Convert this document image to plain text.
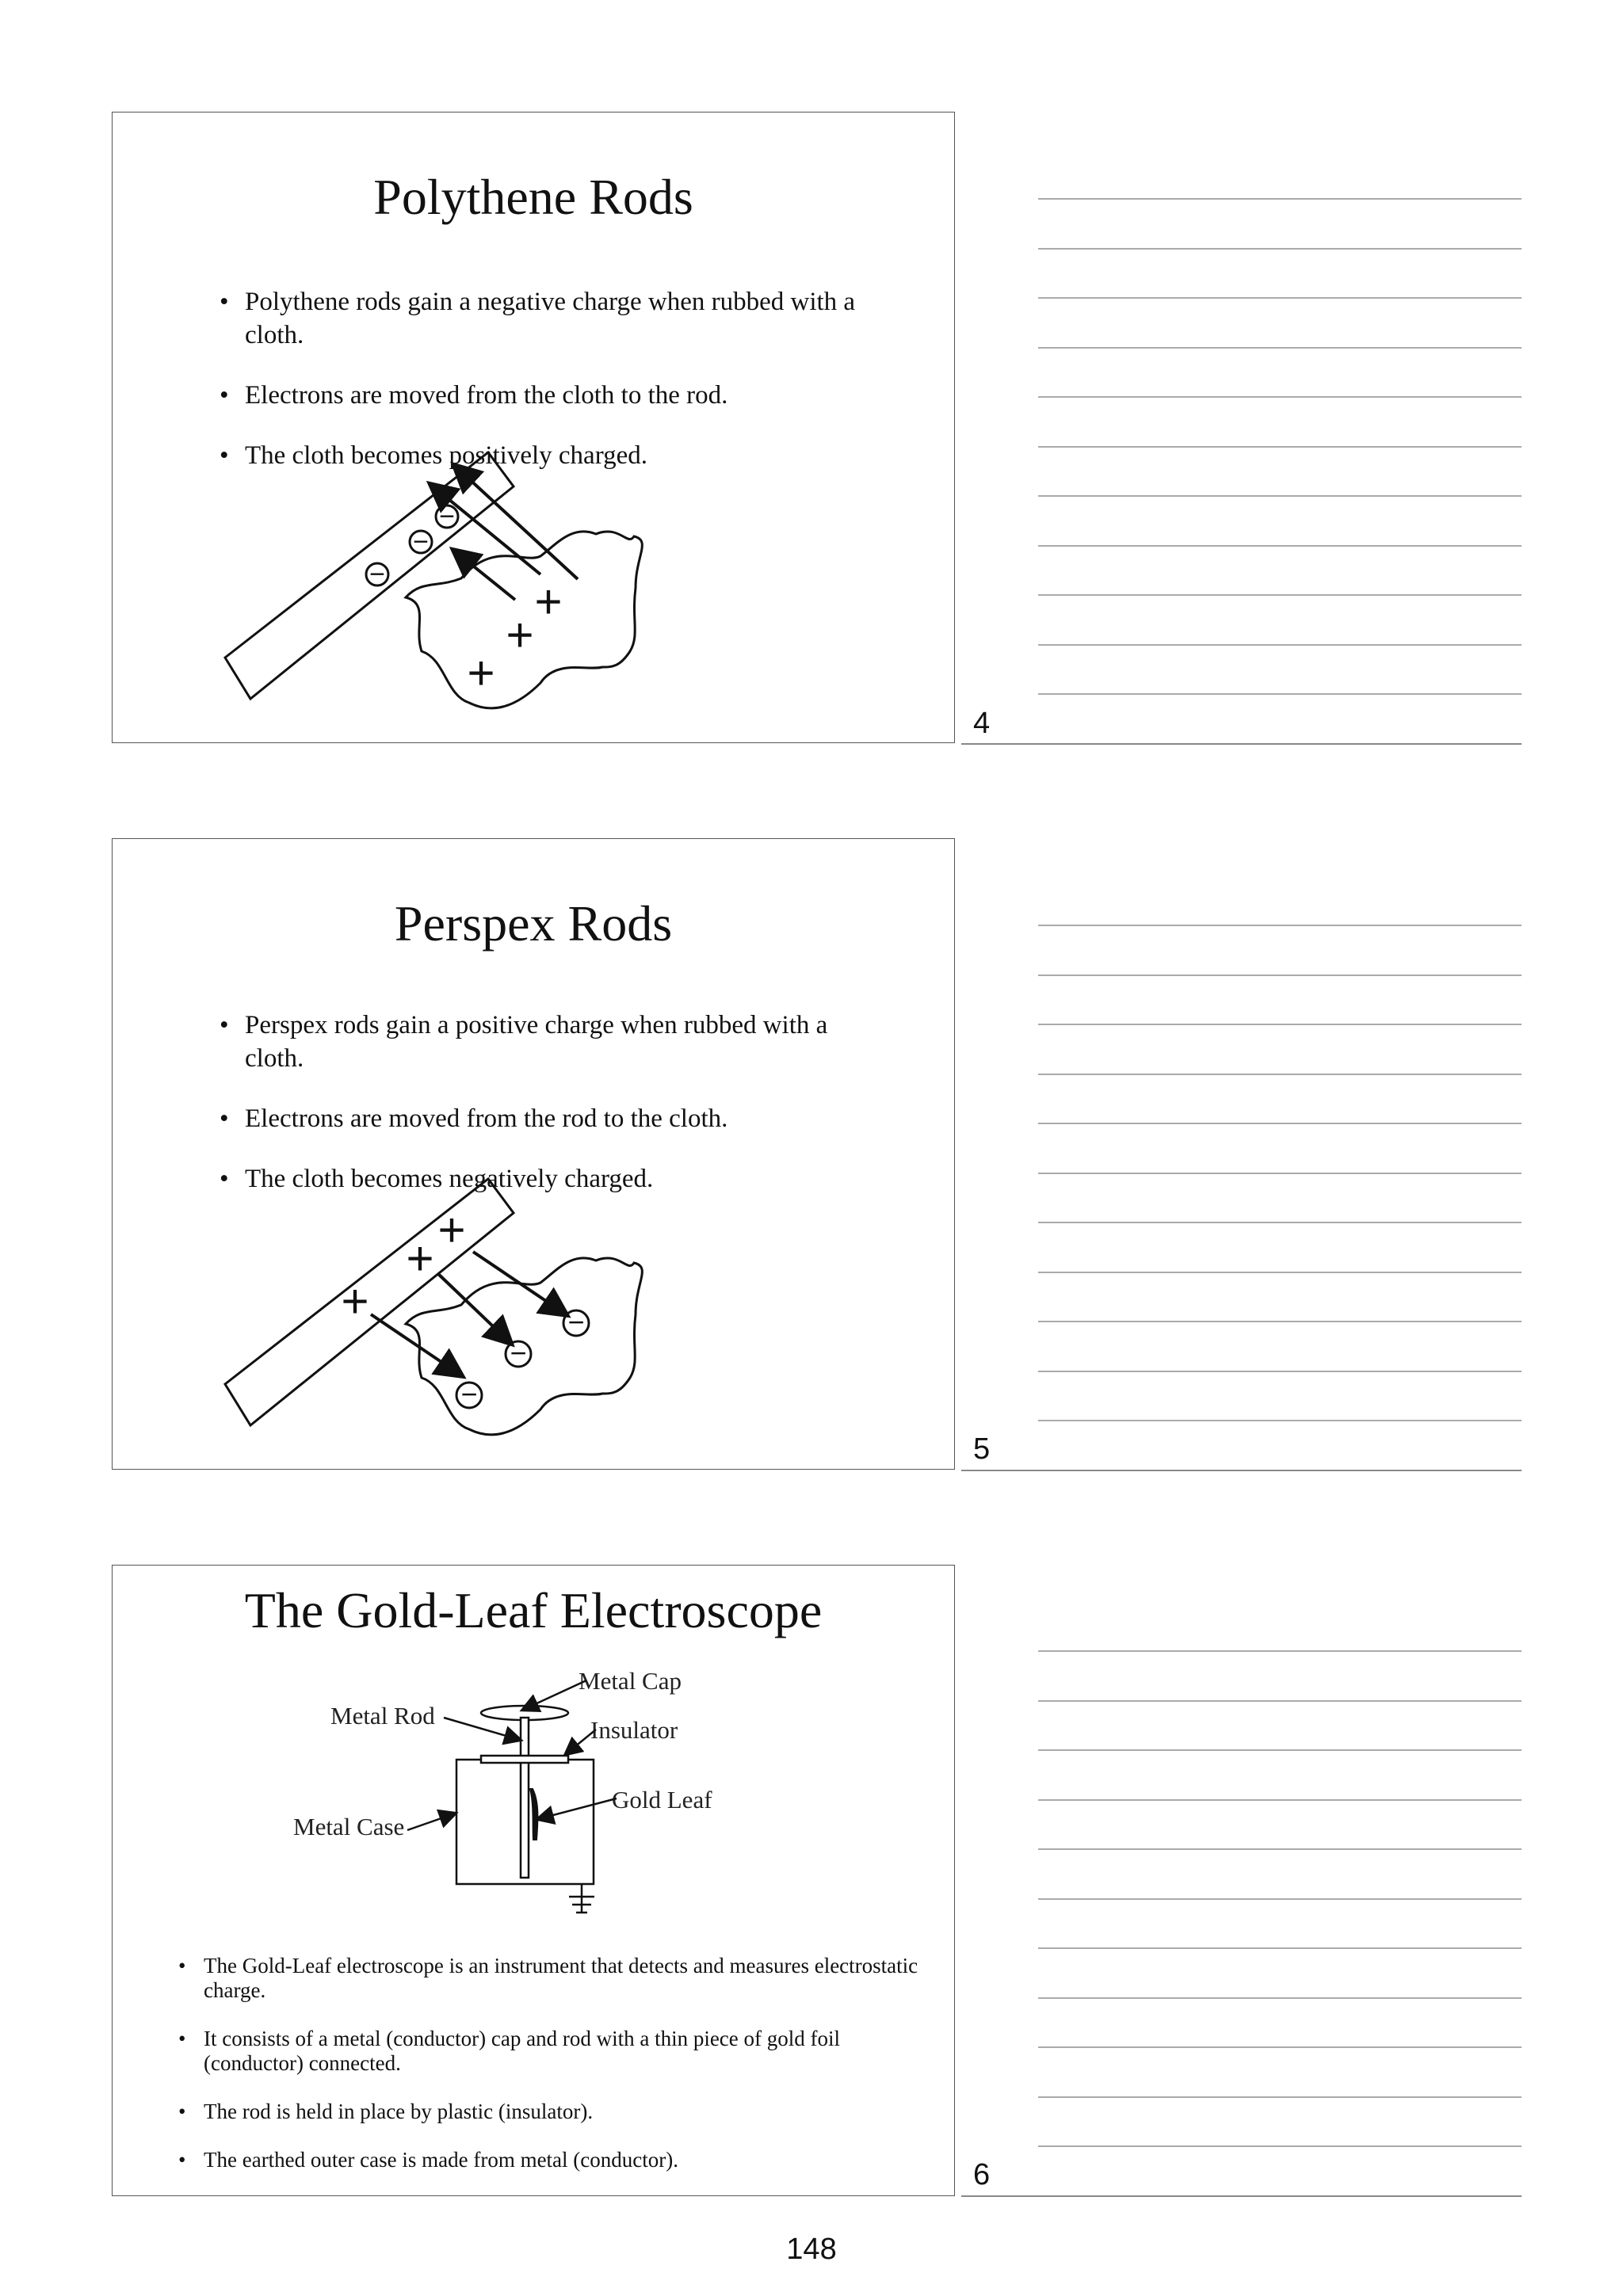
Polythene Rods
• Polythene rods gain a negative charge when rubbed with a cloth.
• Electrons are moved from the cloth to the rod.
• The cloth becomes positively charged.
−
−
−
+
+
+
4
Perspex Rods
• Perspex rods gain a positive charge when rubbed with a cloth.
• Electrons are moved from the rod to the cloth.
• The cloth becomes negatively charged.
+
+
+
−
−
−
5
The Gold-Leaf Electroscope
Metal Cap
Metal Rod
Insulator
Gold Leaf
Metal Case
• The Gold-Leaf electroscope is an instrument that detects and measures electrostatic charge.
• It consists of a metal (conductor) cap and rod with a thin piece of gold foil (conductor) connected.
• The rod is held in place by plastic (insulator).
• The earthed outer case is made from metal (conductor).	6
148
